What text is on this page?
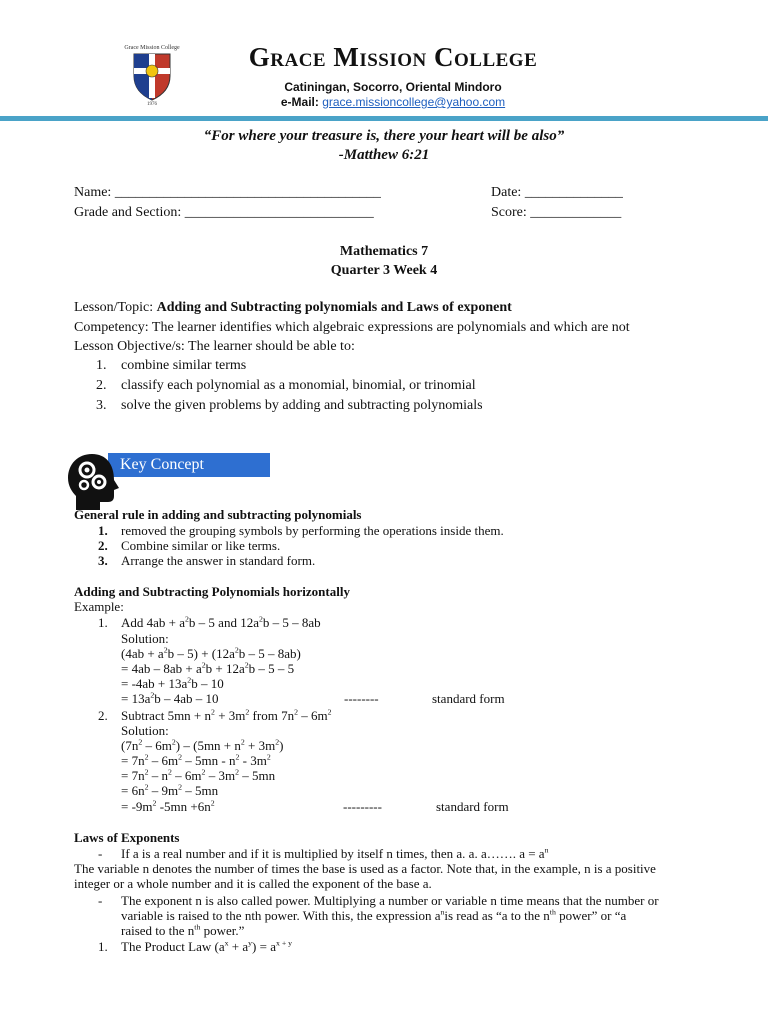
Grace Mission College
1976
Grace Mission College
Catiningan, Socorro, Oriental Mindoro
e-Mail: grace.missioncollege@yahoo.com
“For where your treasure is, there your heart will be also”
-Matthew 6:21
Name: ______________________________________
Grade and Section: ___________________________
Date: ______________
Score: _____________
Mathematics 7
Quarter 3 Week 4
Lesson/Topic: Adding and Subtracting polynomials and Laws of exponent
Competency: The learner identifies which algebraic expressions are polynomials and which are not
Lesson Objective/s: The learner should be able to:
1. combine similar terms
2. classify each polynomial as a monomial, binomial, or trinomial
3. solve the given problems by adding and subtracting polynomials
Key Concept
General rule in adding and subtracting polynomials
1. removed the grouping symbols by performing the operations inside them.
2. Combine similar or like terms.
3. Arrange the answer in standard form.
Adding and Subtracting Polynomials horizontally
Example:
1. Add $4ab + a^2b - 5$ and $12a^2b - 5 - 8ab$
Solution:
$(4ab + a^2b - 5) + (12a^2b - 5 - 8ab)$
= $4ab - 8ab + a^2b + 12a^2b - 5 - 5$
= $-4ab + 13a^2b - 10$
= $13a^2b - 4ab - 10$	--------	standard form
2. Subtract $5mn + n^2 + 3m^2$ from $7n^2 - 6m^2$
Solution:
$(7n^2 - 6m^2) - (5mn + n^2 + 3m^2)$
= $7n^2 - 6m^2 - 5mn - n^2 - 3m^2$
= $7n^2 - n^2 - 6m^2 - 3m^2 - 5mn$
= $6n^2 - 9m^2 - 5mn$
= $-9m^2$ $-5mn +6n^2$	---------	standard form
Laws of Exponents
- If a is a real number and if it is multiplied by itself n times, then a. a. a……. $a = a^n$
The variable n denotes the number of times the base is used as a factor. Note that, in the example, n is a positive
integer or a whole number and it is called the exponent of the base a.
- The exponent n is also called power. Multiplying a number or variable n time means that the number or
variable is raised to the nth power. With this, the expression $a^nis$ read as “a to the $n^{th}$ power” or “a
raised to the $n^{th}$ power.”
1. The Product Law $(a^x + a^y) = a^{x + y}$
